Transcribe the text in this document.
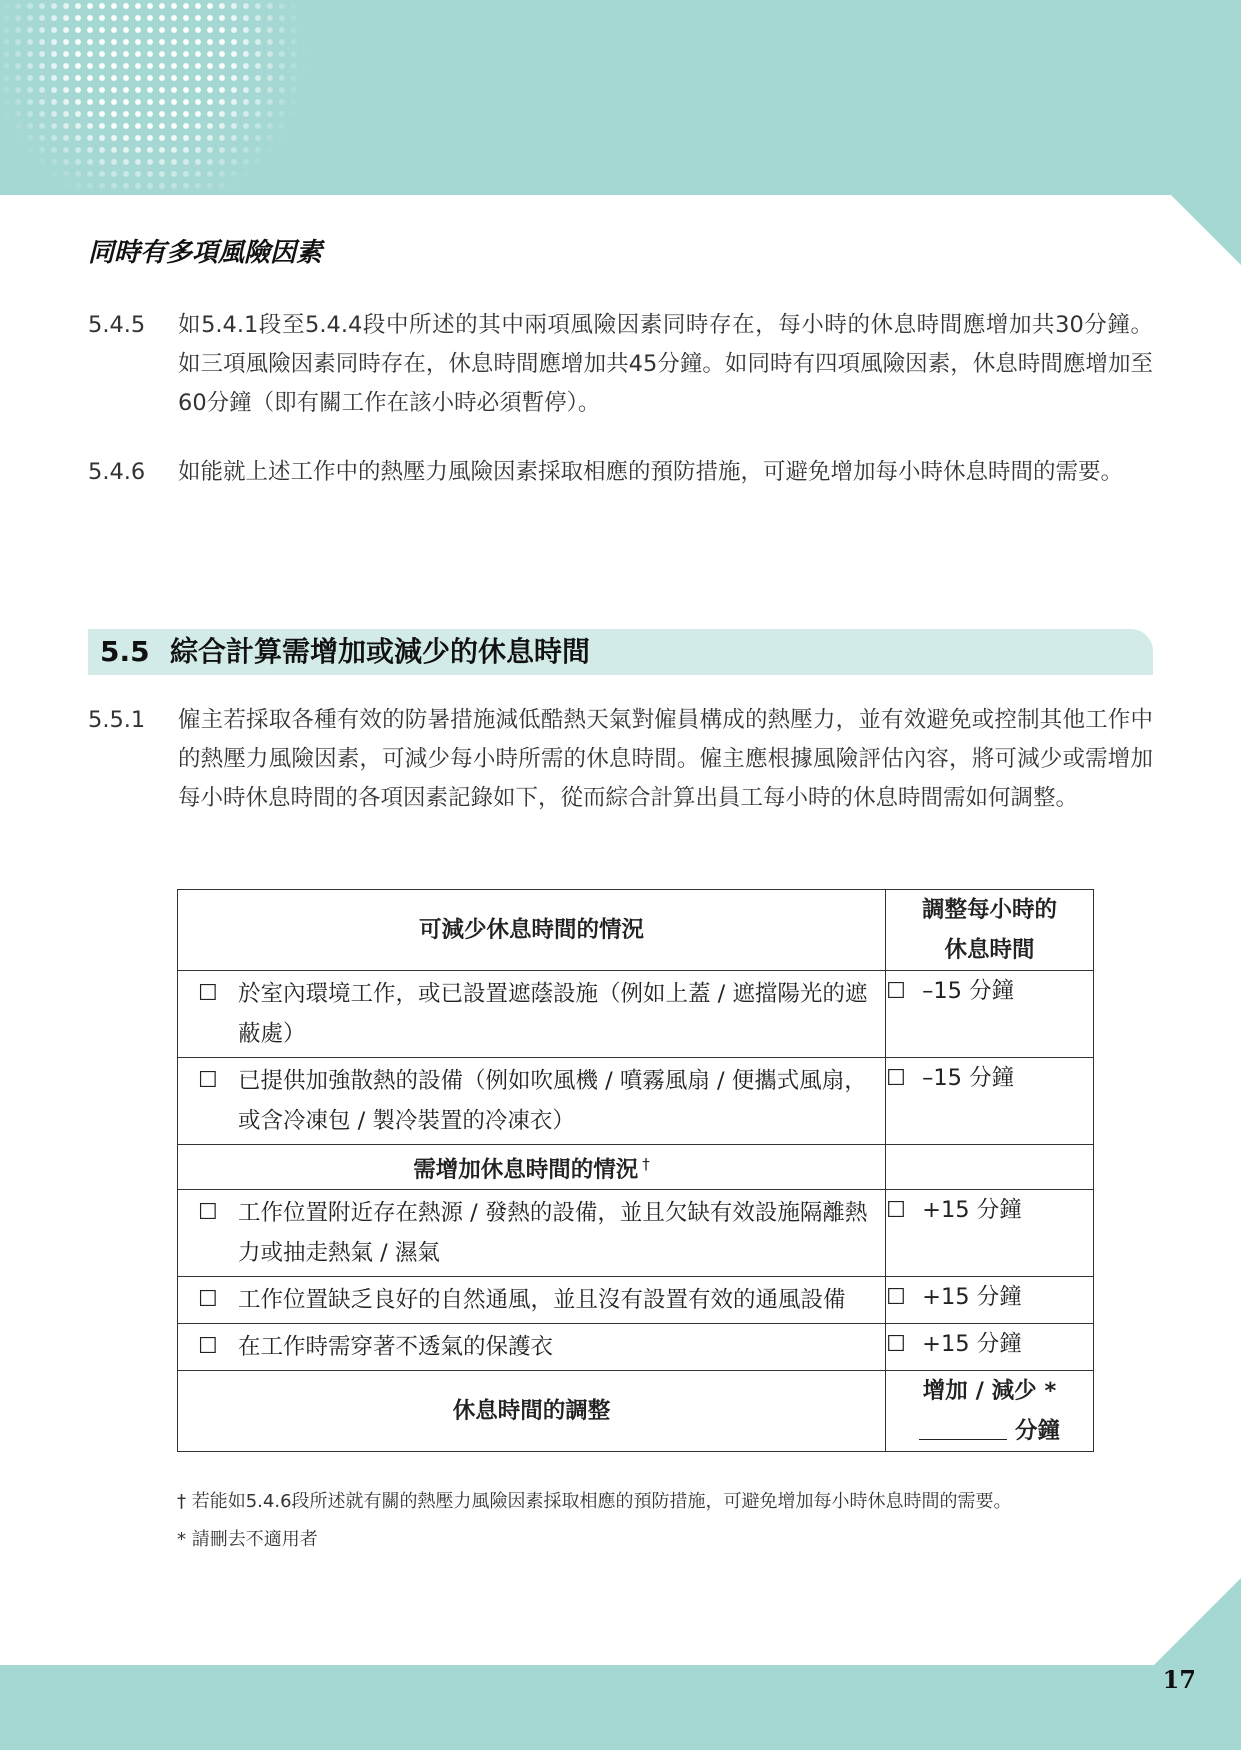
同時有多項風險因素
5.4.5 如5.4.1段至5.4.4段中所述的其中兩項風險因素同時存在，每小時的休息時間應增加共30分鐘。如三項風險因素同時存在，休息時間應增加共45分鐘。如同時有四項風險因素，休息時間應增加至60分鐘（即有關工作在該小時必須暫停）。
5.4.6 如能就上述工作中的熱壓力風險因素採取相應的預防措施，可避免增加每小時休息時間的需要。
5.5 綜合計算需增加或減少的休息時間
5.5.1 僱主若採取各種有效的防暑措施減低酷熱天氣對僱員構成的熱壓力，並有效避免或控制其他工作中的熱壓力風險因素，可減少每小時所需的休息時間。僱主應根據風險評估內容，將可減少或需增加每小時休息時間的各項因素記錄如下，從而綜合計算出員工每小時的休息時間需如何調整。
可減少休息時間的情況	調整每小時的
休息時間

☐ 於室內環境工作，或已設置遮蔭設施（例如上蓋 / 遮擋陽光的遮蔽處）	☐ –15 分鐘

☐ 已提供加強散熱的設備（例如吹風機 / 噴霧風扇 / 便攜式風扇，或含冷凍包 / 製冷裝置的冷凍衣）	☐ –15 分鐘
需增加休息時間的情況 †	

☐ 工作位置附近存在熱源 / 發熱的設備，並且欠缺有效設施隔離熱力或抽走熱氣 / 濕氣	☐ +15 分鐘

☐ 工作位置缺乏良好的自然通風，並且沒有設置有效的通風設備	☐ +15 分鐘

☐ 在工作時需穿著不透氣的保護衣	☐ +15 分鐘
休息時間的調整	增加 / 減少 *
分鐘
† 若能如5.4.6段所述就有關的熱壓力風險因素採取相應的預防措施，可避免增加每小時休息時間的需要。
* 請刪去不適用者
17
